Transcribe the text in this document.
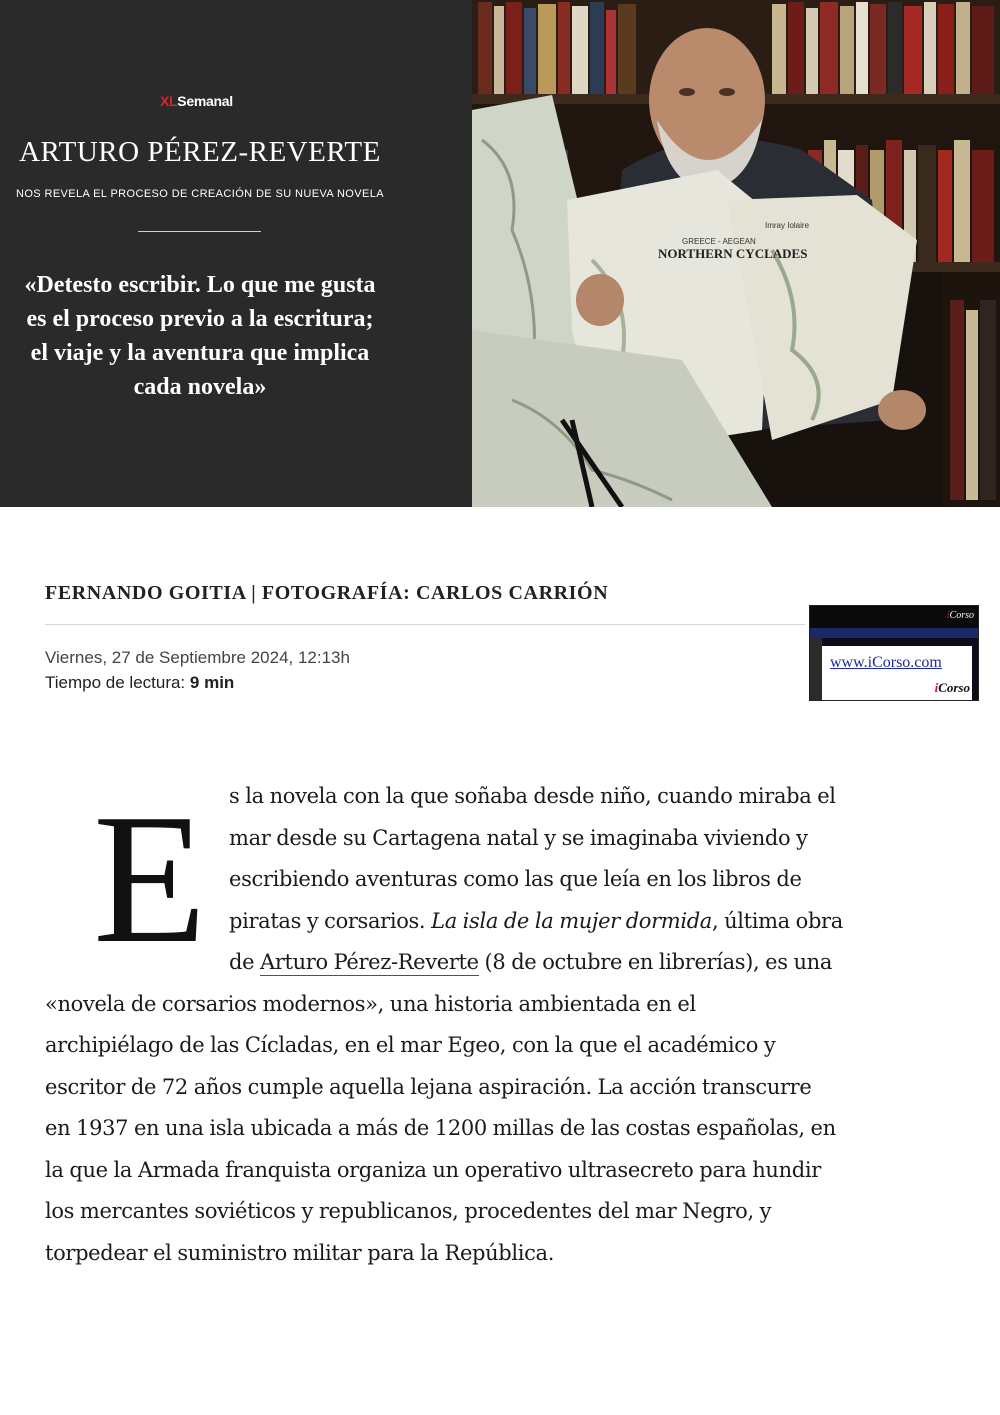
XLSemanal
ARTURO PÉREZ-REVERTE
NOS REVELA EL PROCESO DE CREACIÓN DE SU NUEVA NOVELA
«Detesto escribir. Lo que me gusta
es el proceso previo a la escritura;
el viaje y la aventura que implica
cada novela»
NORTHERN CYCLADES
GREECE - AEGEAN
Imray Iolaire
FERNANDO GOITIA | FOTOGRAFÍA: CARLOS CARRIÓN
Viernes, 27 de Septiembre 2024, 12:13h
Tiempo de lectura: 9 min
iCorso
www.iCorso.com
iCorso
E s la novela con la que soñaba desde niño, cuando miraba el
mar desde su Cartagena natal y se imaginaba viviendo y
escribiendo aventuras como las que leía en los libros de
piratas y corsarios. La isla de la mujer dormida, última obra
de Arturo Pérez-Reverte (8 de octubre en librerías), es una
«novela de corsarios modernos», una historia ambientada en el
archipiélago de las Cícladas, en el mar Egeo, con la que el académico y
escritor de 72 años cumple aquella lejana aspiración. La acción transcurre
en 1937 en una isla ubicada a más de 1200 millas de las costas españolas, en
la que la Armada franquista organiza un operativo ultrasecreto para hundir
los mercantes soviéticos y republicanos, procedentes del mar Negro, y
torpedear el suministro militar para la República.
